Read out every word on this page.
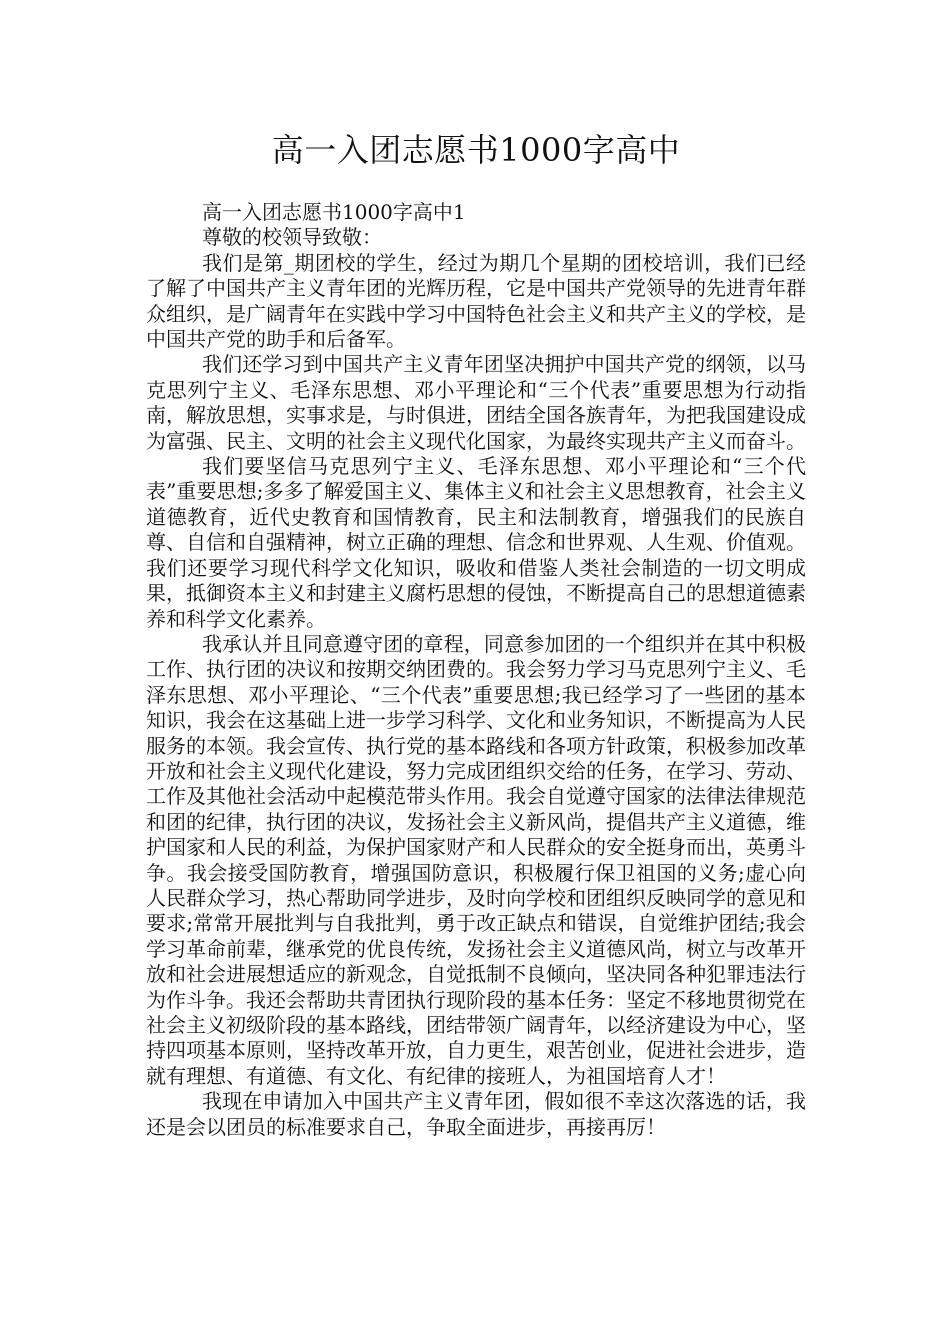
高一入团志愿书1000字高中

高一入团志愿书1000字高中1

尊敬的校领导致敬：

我们是第_期团校的学生，经过为期几个星期的团校培训，我们已经了解了中国共产主义青年团的光辉历程，它是中国共产党领导的先进青年群众组织，是广阔青年在实践中学习中国特色社会主义和共产主义的学校，是中国共产党的助手和后备军。

我们还学习到中国共产主义青年团坚决拥护中国共产党的纲领，以马克思列宁主义、毛泽东思想、邓小平理论和“三个代表”重要思想为行动指南，解放思想，实事求是，与时俱进，团结全国各族青年，为把我国建设成为富强、民主、文明的社会主义现代化国家，为最终实现共产主义而奋斗。

我们要坚信马克思列宁主义、毛泽东思想、邓小平理论和“三个代表”重要思想;多多了解爱国主义、集体主义和社会主义思想教育，社会主义道德教育，近代史教育和国情教育，民主和法制教育，增强我们的民族自尊、自信和自强精神，树立正确的理想、信念和世界观、人生观、价值观。我们还要学习现代科学文化知识，吸收和借鉴人类社会制造的一切文明成果，抵御资本主义和封建主义腐朽思想的侵蚀，不断提高自己的思想道德素养和科学文化素养。

我承认并且同意遵守团的章程，同意参加团的一个组织并在其中积极工作、执行团的决议和按期交纳团费的。我会努力学习马克思列宁主义、毛泽东思想、邓小平理论、“三个代表”重要思想;我已经学习了一些团的基本知识，我会在这基础上进一步学习科学、文化和业务知识，不断提高为人民服务的本领。我会宣传、执行党的基本路线和各项方针政策，积极参加改革开放和社会主义现代化建设，努力完成团组织交给的任务，在学习、劳动、工作及其他社会活动中起模范带头作用。我会自觉遵守国家的法律法律规范和团的纪律，执行团的决议，发扬社会主义新风尚，提倡共产主义道德，维护国家和人民的利益，为保护国家财产和人民群众的安全挺身而出，英勇斗争。我会接受国防教育，增强国防意识，积极履行保卫祖国的义务;虚心向人民群众学习，热心帮助同学进步，及时向学校和团组织反映同学的意见和要求;常常开展批判与自我批判，勇于改正缺点和错误，自觉维护团结;我会学习革命前辈，继承党的优良传统，发扬社会主义道德风尚，树立与改革开放和社会进展想适应的新观念，自觉抵制不良倾向，坚决同各种犯罪违法行为作斗争。我还会帮助共青团执行现阶段的基本任务：坚定不移地贯彻党在社会主义初级阶段的基本路线，团结带领广阔青年，以经济建设为中心，坚持四项基本原则，坚持改革开放，自力更生，艰苦创业，促进社会进步，造就有理想、有道德、有文化、有纪律的接班人，为祖国培育人才！

我现在申请加入中国共产主义青年团，假如很不幸这次落选的话，我还是会以团员的标准要求自己，争取全面进步，再接再厉！
